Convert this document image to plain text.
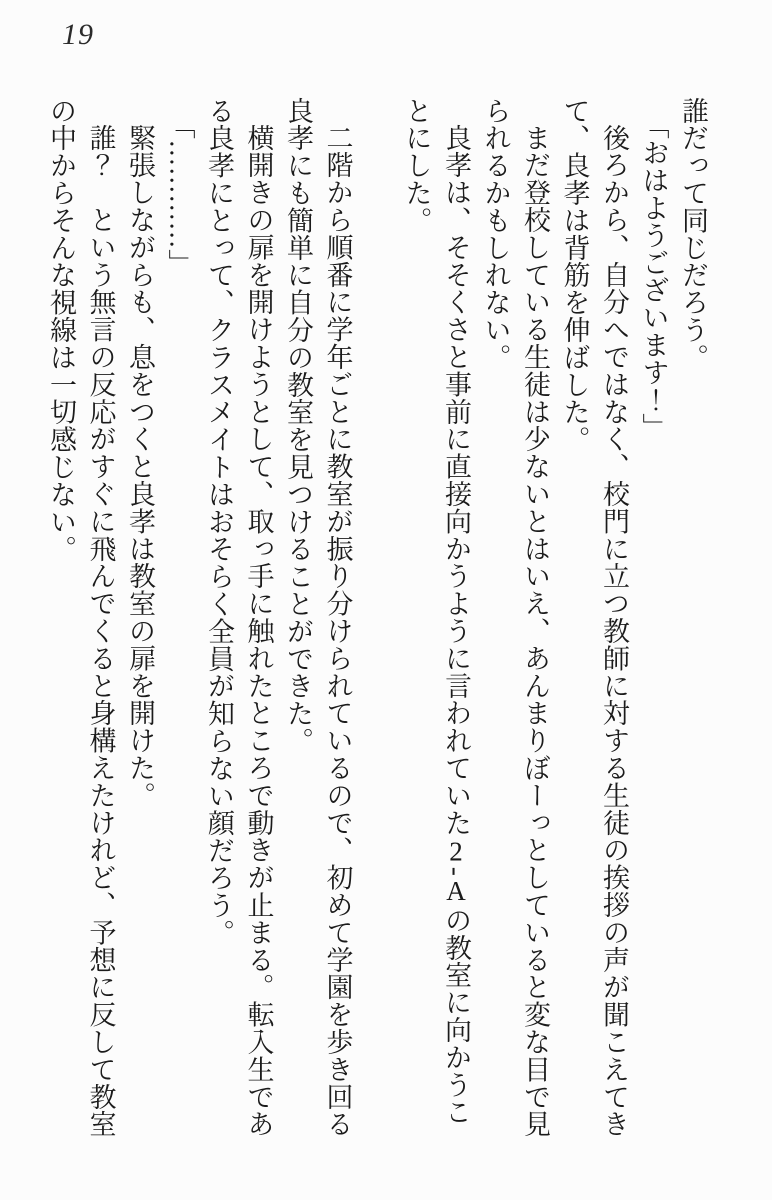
19

誰だって同じだろう。

「おはようございます！」

後ろから、自分へではなく、校門に立つ教師に対する生徒の挨拶の声が聞こえてきて、良孝は背筋を伸ばした。

まだ登校している生徒は少ないとはいえ、あんまりぼーっとしていると変な目で見られるかもしれない。

良孝は、そそくさと事前に直接向かうように言われていた2-Aの教室に向かうことにした。

二階から順番に学年ごとに教室が振り分けられているので、初めて学園を歩き回る良孝にも簡単に自分の教室を見つけることができた。

横開きの扉を開けようとして、取っ手に触れたところで動きが止まる。転入生である良孝にとって、クラスメイトはおそらく全員が知らない顔だろう。

「…………」

緊張しながらも、息をつくと良孝は教室の扉を開けた。

誰？　という無言の反応がすぐに飛んでくると身構えたけれど、予想に反して教室の中からそんな視線は一切感じない。
